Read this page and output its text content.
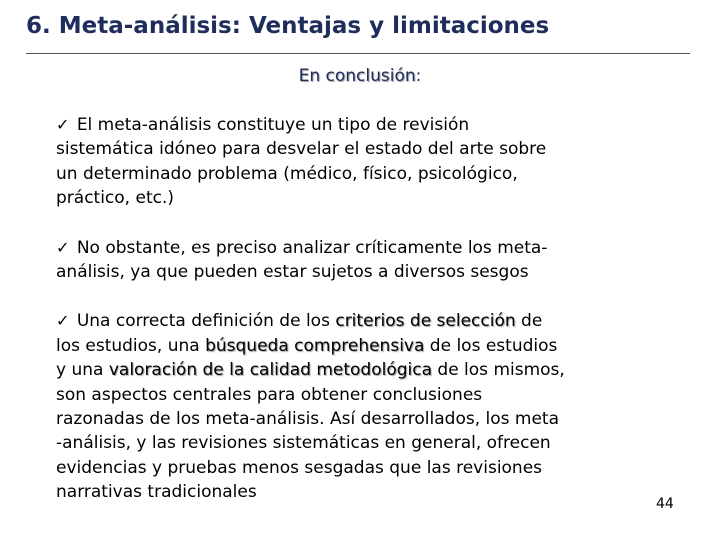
6. Meta-análisis: Ventajas y limitaciones
En conclusión:

✓ El meta-análisis constituye un tipo de revisión
sistemática idóneo para desvelar el estado del arte sobre
un determinado problema (médico, físico, psicológico,
práctico, etc.)

✓ No obstante, es preciso analizar críticamente los meta-
análisis, ya que pueden estar sujetos a diversos sesgos

✓ Una correcta definición de los criterios de selección de
los estudios, una búsqueda comprehensiva de los estudios
y una valoración de la calidad metodológica de los mismos,
son aspectos centrales para obtener conclusiones
razonadas de los meta-análisis. Así desarrollados, los meta
-análisis, y las revisiones sistemáticas en general, ofrecen
evidencias y pruebas menos sesgadas que las revisiones
narrativas tradicionales

44
